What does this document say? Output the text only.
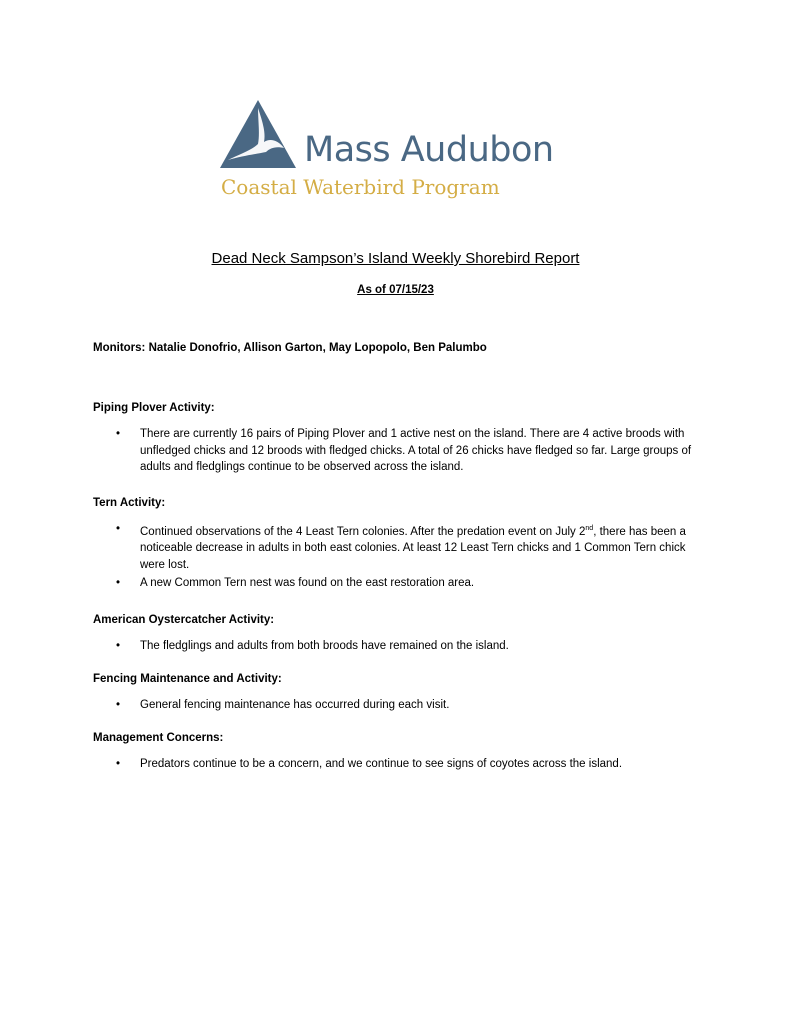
Mass Audubon
Coastal Waterbird Program
Dead Neck Sampson’s Island Weekly Shorebird Report
As of 07/15/23
Monitors: Natalie Donofrio, Allison Garton, May Lopopolo, Ben Palumbo
Piping Plover Activity:
• There are currently 16 pairs of Piping Plover and 1 active nest on the island. There are 4 active broods with unfledged chicks and 12 broods with fledged chicks. A total of 26 chicks have fledged so far. Large groups of adults and fledglings continue to be observed across the island.
Tern Activity:
• Continued observations of the 4 Least Tern colonies. After the predation event on July 2nd, there has been a noticeable decrease in adults in both east colonies. At least 12 Least Tern chicks and 1 Common Tern chick were lost.
• A new Common Tern nest was found on the east restoration area.
American Oystercatcher Activity:
• The fledglings and adults from both broods have remained on the island.
Fencing Maintenance and Activity:
• General fencing maintenance has occurred during each visit.
Management Concerns:
• Predators continue to be a concern, and we continue to see signs of coyotes across the island.
